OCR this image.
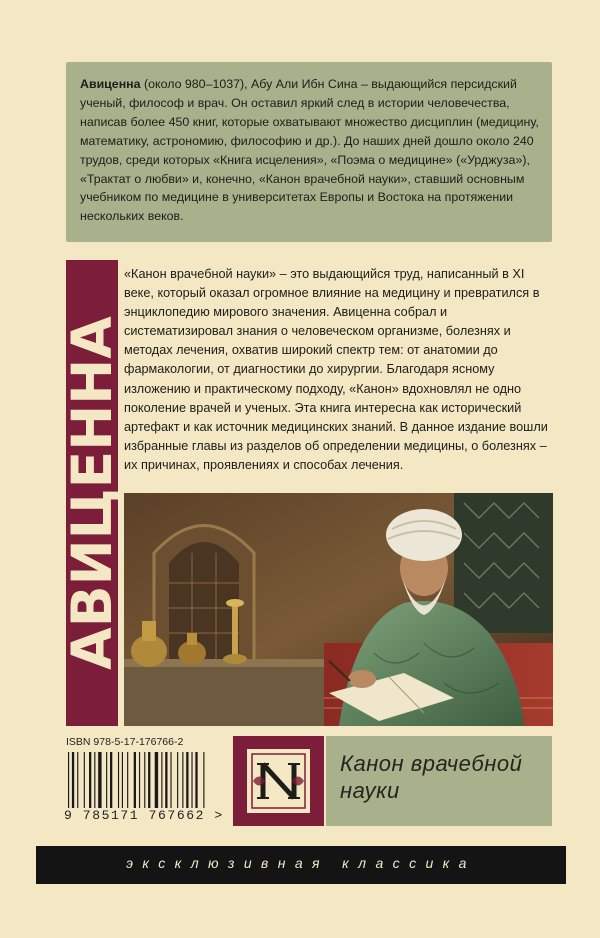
Авиценна (около 980–1037), Абу Али Ибн Сина – выдающийся персидский ученый, философ и врач. Он оставил яркий след в истории человечества, написав более 450 книг, которые охватывают множество дисциплин (медицину, математику, астрономию, философию и др.). До наших дней дошло около 240 трудов, среди которых «Книга исцеления», «Поэма о медицине» («Урджуза»), «Трактат о любви» и, конечно, «Канон врачебной науки», ставший основным учебником по медицине в университетах Европы и Востока на протяжении нескольких веков.
АВИЦЕННА
«Канон врачебной науки» – это выдающийся труд, написанный в XI веке, который оказал огромное влияние на медицину и превратился в энциклопедию мирового значения. Авиценна собрал и систематизировал знания о человеческом организме, болезнях и методах лечения, охватив широкий спектр тем: от анатомии до фармакологии, от диагностики до хирургии. Благодаря ясному изложению и практическому подходу, «Канон» вдохновлял не одно поколение врачей и ученых. Эта книга интересна как исторический артефакт и как источник медицинских знаний. В данное издание вошли избранные главы из разделов об определении медицины, о болезнях – их причинах, проявлениях и способах лечения.
ISBN 978-5-17-176766-2
9 785171 767662 >
Канон врачебной науки
эксклюзивная классика
